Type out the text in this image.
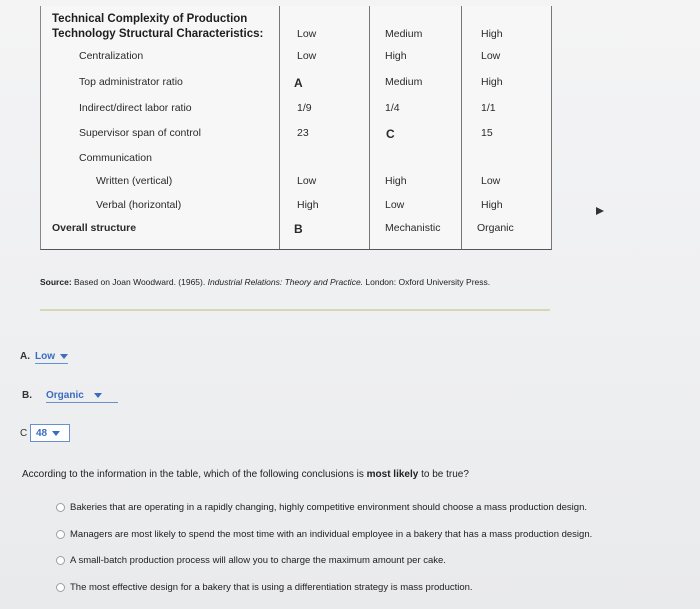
Technical Complexity of Production
Technology Structural Characteristics:	Low	Medium	High
Centralization	Low	High	Low
Top administrator ratio	A	Medium	High
Indirect/direct labor ratio	1/9	1/4	1/1
Supervisor span of control	23	C	15
Communication
Written (vertical)	Low	High	Low
Verbal (horizontal)	High	Low	High
Overall structure	B	Mechanistic	Organic
Source: Based on Joan Woodward. (1965). Industrial Relations: Theory and Practice. London: Oxford University Press.
A. Low
B. Organic
C 48
According to the information in the table, which of the following conclusions is most likely to be true?
Bakeries that are operating in a rapidly changing, highly competitive environment should choose a mass production design.
Managers are most likely to spend the most time with an individual employee in a bakery that has a mass production design.
A small-batch production process will allow you to charge the maximum amount per cake.
The most effective design for a bakery that is using a differentiation strategy is mass production.
